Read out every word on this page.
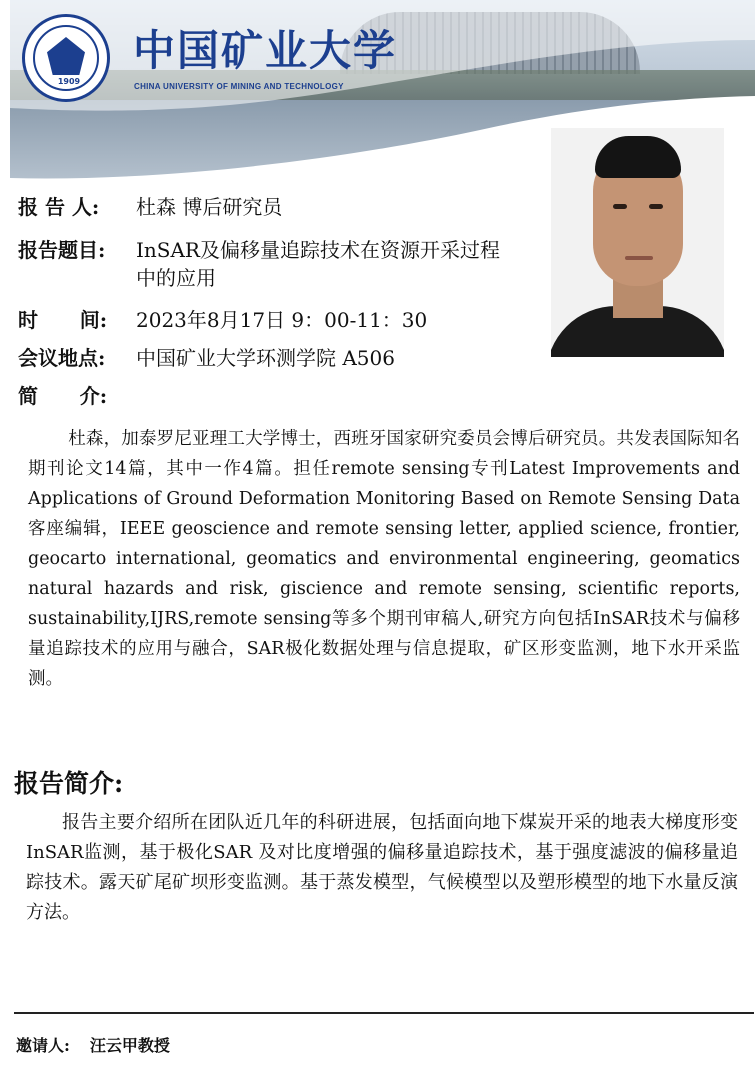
1909
中国矿业大学
CHINA UNIVERSITY OF MINING AND TECHNOLOGY
报 告 人: 杜森 博后研究员
报告题目: InSAR及偏移量追踪技术在资源开采过程中的应用
时      间: 2023年8月17日 9：00-11：30
会议地点: 中国矿业大学环测学院 A506
简      介:

杜森，加泰罗尼亚理工大学博士，西班牙国家研究委员会博后研究员。共发表国际知名期刊论文14篇，其中一作4篇。担任remote sensing专刊Latest Improvements and Applications of Ground Deformation Monitoring Based on Remote Sensing Data客座编辑，IEEE geoscience and remote sensing letter, applied science, frontier, geocarto international, geomatics and environmental engineering, geomatics natural hazards and risk, giscience and remote sensing, scientific reports, sustainability,IJRS,remote sensing等多个期刊审稿人,研究方向包括InSAR技术与偏移量追踪技术的应用与融合，SAR极化数据处理与信息提取，矿区形变监测，地下水开采监测。

报告简介:

报告主要介绍所在团队近几年的科研进展，包括面向地下煤炭开采的地表大梯度形变InSAR监测，基于极化SAR 及对比度增强的偏移量追踪技术，基于强度滤波的偏移量追踪技术。露天矿尾矿坝形变监测。基于蒸发模型，气候模型以及塑形模型的地下水量反演方法。

邀请人: 汪云甲教授
